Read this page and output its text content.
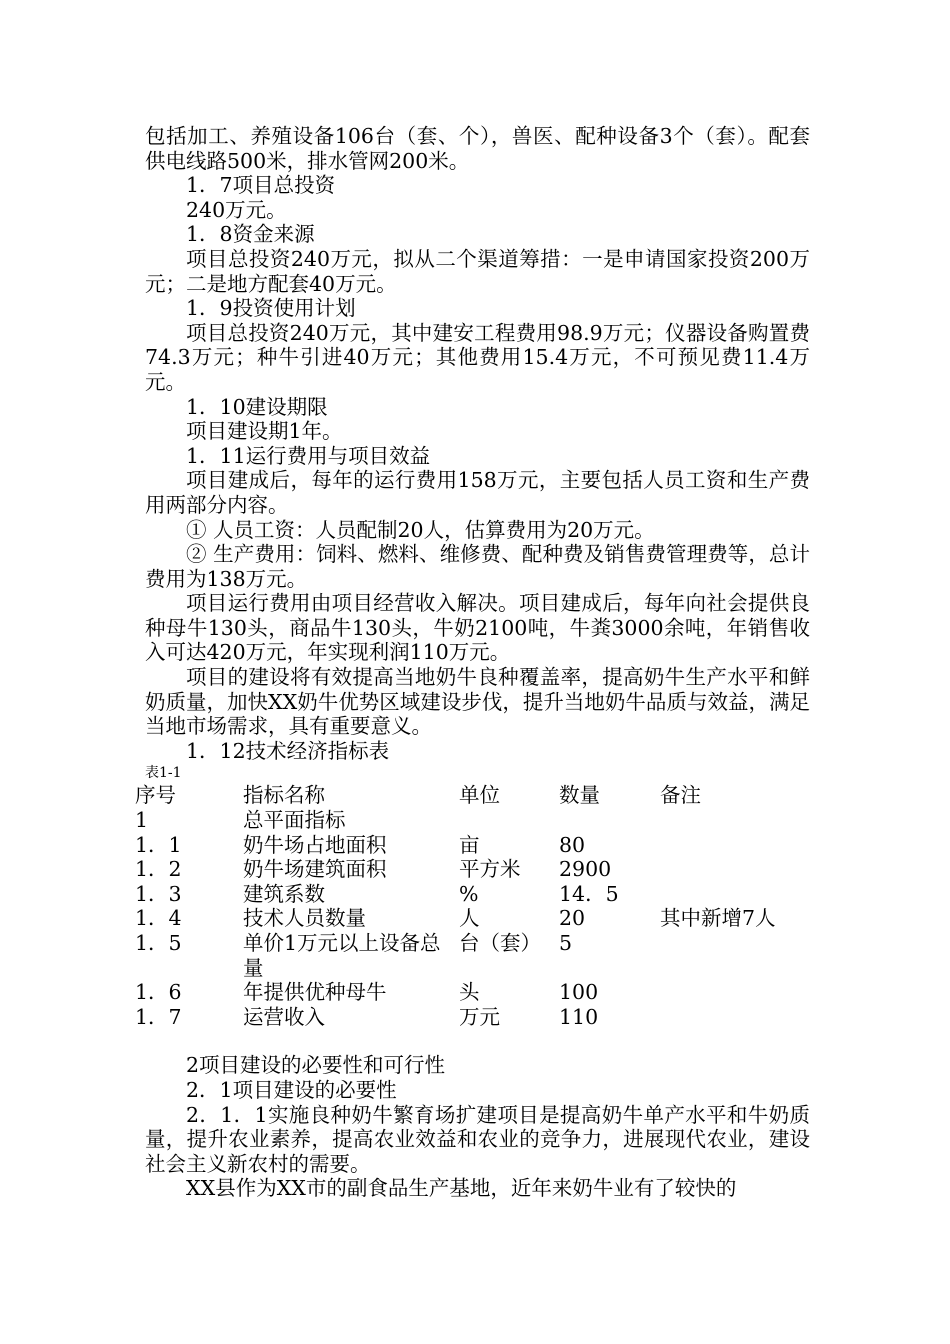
包括加工、养殖设备106台（套、个），兽医、配种设备3个（套）。配套供电线路500米，排水管网200米。

1．7项目总投资

240万元。

1．8资金来源

项目总投资240万元，拟从二个渠道筹措：一是申请国家投资200万元；二是地方配套40万元。

1．9投资使用计划

项目总投资240万元，其中建安工程费用98.9万元；仪器设备购置费74.3万元；种牛引进40万元；其他费用15.4万元，不可预见费11.4万元。

1．10建设期限

项目建设期1年。

1．11运行费用与项目效益

项目建成后，每年的运行费用158万元，主要包括人员工资和生产费用两部分内容。

① 人员工资：人员配制20人，估算费用为20万元。

② 生产费用：饲料、燃料、维修费、配种费及销售费管理费等，总计费用为138万元。

项目运行费用由项目经营收入解决。项目建成后，每年向社会提供良种母牛130头，商品牛130头，牛奶2100吨，牛粪3000余吨，年销售收入可达420万元，年实现利润110万元。

项目的建设将有效提高当地奶牛良种覆盖率，提高奶牛生产水平和鲜奶质量，加快XX奶牛优势区域建设步伐，提升当地奶牛品质与效益，满足当地市场需求，具有重要意义。

1．12技术经济指标表

表1-1
序号	指标名称	单位	数量	备注
1	总平面指标			
1．1	奶牛场占地面积	亩	80	
1．2	奶牛场建筑面积	平方米	2900	
1．3	建筑系数	%	14．5	
1．4	技术人员数量	人	20	其中新增7人
1．5	单价1万元以上设备总量	台（套）	5	
1．6	年提供优种母牛	头	100	
1．7	运营收入	万元	110	

2项目建设的必要性和可行性

2．1项目建设的必要性

2．1．1实施良种奶牛繁育场扩建项目是提高奶牛单产水平和牛奶质量，提升农业素养，提高农业效益和农业的竞争力，进展现代农业，建设社会主义新农村的需要。

XX县作为XX市的副食品生产基地，近年来奶牛业有了较快的
